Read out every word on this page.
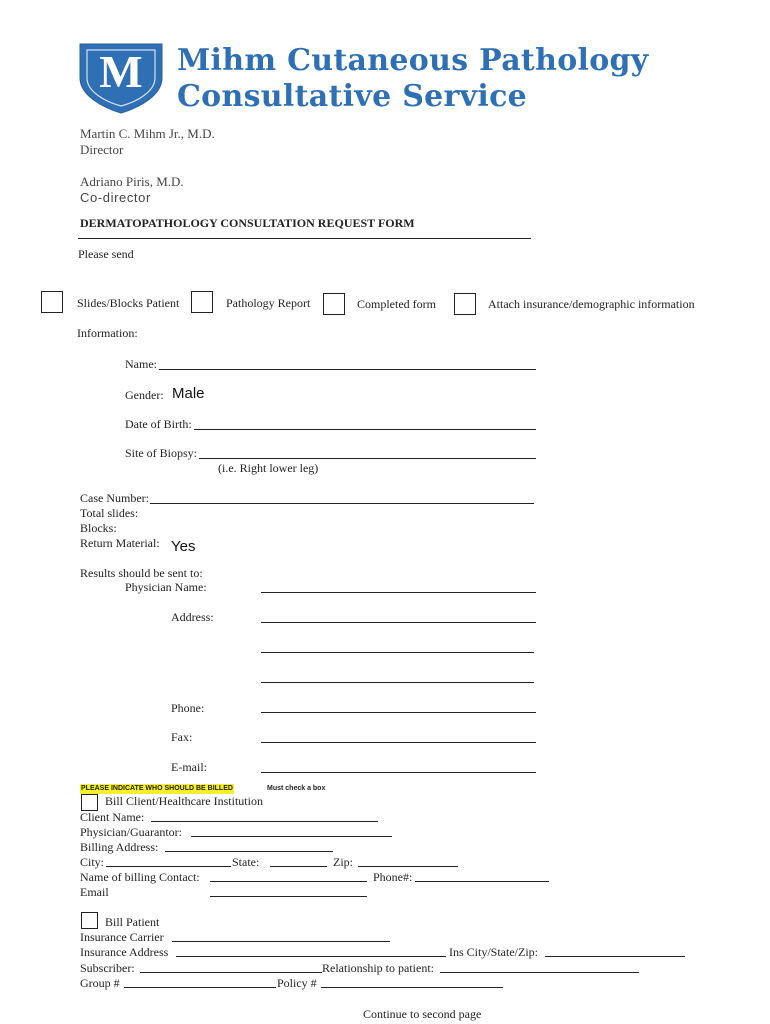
M	Mihm Cutaneous Pathology
Consultative Service
Martin C. Mihm Jr., M.D.
Director
Adriano Piris, M.D.
Co-director
DERMATOPATHOLOGY CONSULTATION REQUEST FORM
Please send
Slides/Blocks Patient	Pathology Report	Completed form	Attach insurance/demographic information
Information:
Name:
Gender: Male
Date of Birth:
Site of Biopsy:
(i.e. Right lower leg)
Case Number:
Total slides:
Blocks:
Return Material: Yes
Results should be sent to:
Physician Name:
Address:
Phone:
Fax:
E-mail:
PLEASE INDICATE WHO SHOULD BE BILLED	Must check a box
Bill Client/Healthcare Institution
Client Name:
Physician/Guarantor:
Billing Address:
City:	State:	Zip:
Name of billing Contact:	Phone#:
Email
Bill Patient
Insurance Carrier
Insurance Address	Ins City/State/Zip:
Subscriber:	Relationship to patient:
Group #	Policy #
Continue to second page
